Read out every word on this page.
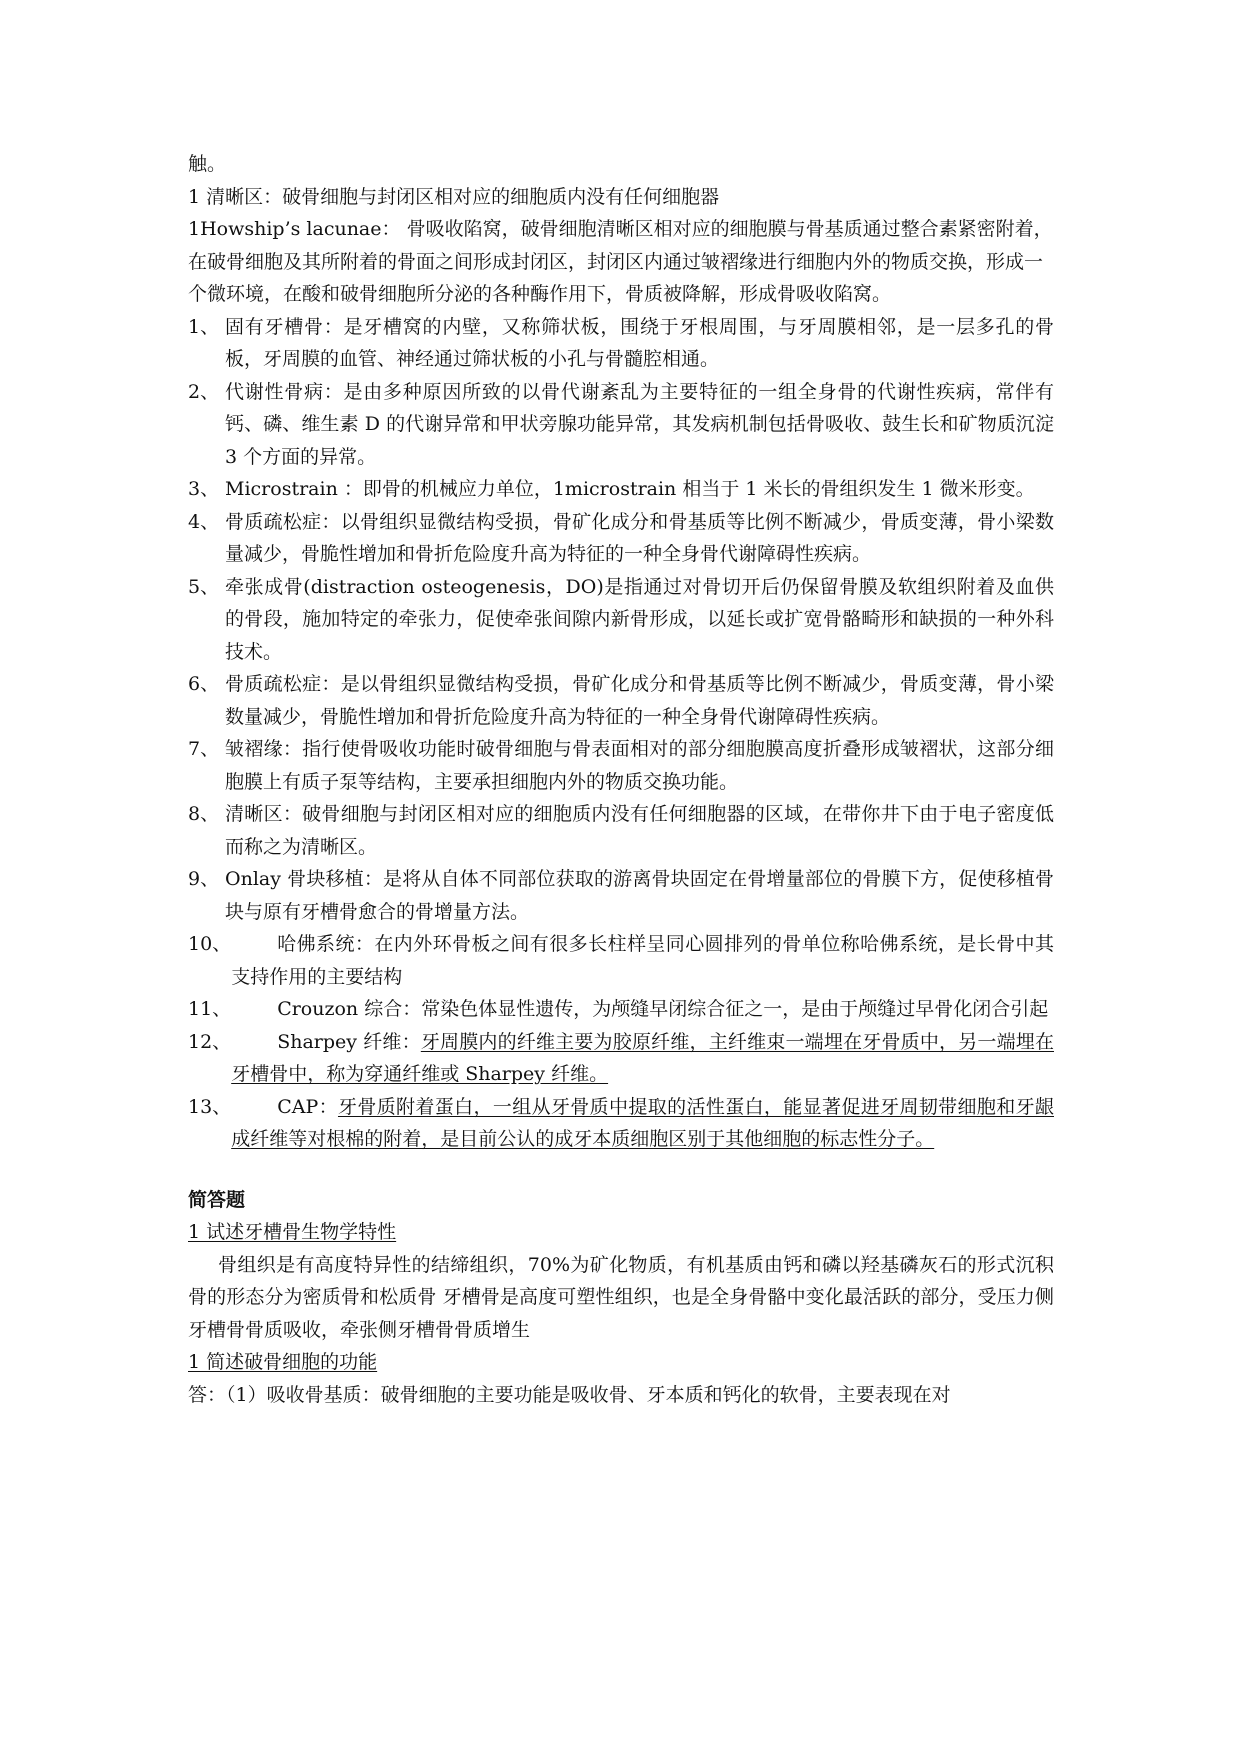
触。
1 清晰区：破骨细胞与封闭区相对应的细胞质内没有任何细胞器
1Howship’s lacunae： 骨吸收陷窝，破骨细胞清晰区相对应的细胞膜与骨基质通过整合素紧密附着，在破骨细胞及其所附着的骨面之间形成封闭区，封闭区内通过皱褶缘进行细胞内外的物质交换，形成一个微环境，在酸和破骨细胞所分泌的各种酶作用下，骨质被降解，形成骨吸收陷窝。
1、 固有牙槽骨：是牙槽窝的内壁，又称筛状板，围绕于牙根周围，与牙周膜相邻，是一层多孔的骨板，牙周膜的血管、神经通过筛状板的小孔与骨髓腔相通。
2、 代谢性骨病：是由多种原因所致的以骨代谢紊乱为主要特征的一组全身骨的代谢性疾病，常伴有钙、磷、维生素 D 的代谢异常和甲状旁腺功能异常，其发病机制包括骨吸收、鼓生长和矿物质沉淀 3 个方面的异常。
3、 Microstrain ：即骨的机械应力单位，1microstrain 相当于 1 米长的骨组织发生 1 微米形变。
4、 骨质疏松症：以骨组织显微结构受损，骨矿化成分和骨基质等比例不断减少，骨质变薄，骨小梁数量减少，骨脆性增加和骨折危险度升高为特征的一种全身骨代谢障碍性疾病。
5、 牵张成骨(distraction osteogenesis，DO)是指通过对骨切开后仍保留骨膜及软组织附着及血供的骨段，施加特定的牵张力，促使牵张间隙内新骨形成，以延长或扩宽骨骼畸形和缺损的一种外科技术。
6、 骨质疏松症：是以骨组织显微结构受损，骨矿化成分和骨基质等比例不断减少，骨质变薄，骨小梁数量减少，骨脆性增加和骨折危险度升高为特征的一种全身骨代谢障碍性疾病。
7、 皱褶缘：指行使骨吸收功能时破骨细胞与骨表面相对的部分细胞膜高度折叠形成皱褶状，这部分细胞膜上有质子泵等结构，主要承担细胞内外的物质交换功能。
8、 清晰区：破骨细胞与封闭区相对应的细胞质内没有任何细胞器的区域，在带你井下由于电子密度低而称之为清晰区。
9、 Onlay 骨块移植：是将从自体不同部位获取的游离骨块固定在骨增量部位的骨膜下方，促使移植骨块与原有牙槽骨愈合的骨增量方法。
10、	哈佛系统：在内外环骨板之间有很多长柱样呈同心圆排列的骨单位称哈佛系统，是长骨中其支持作用的主要结构
11、	Crouzon 综合：常染色体显性遗传，为颅缝早闭综合征之一，是由于颅缝过早骨化闭合引起
12、	Sharpey 纤维：牙周膜内的纤维主要为胶原纤维，主纤维束一端埋在牙骨质中，另一端埋在牙槽骨中，称为穿通纤维或 Sharpey 纤维。
13、	CAP：牙骨质附着蛋白，一组从牙骨质中提取的活性蛋白，能显著促进牙周韧带细胞和牙龈成纤维等对根棉的附着，是目前公认的成牙本质细胞区别于其他细胞的标志性分子。
简答题
1 试述牙槽骨生物学特性
骨组织是有高度特异性的结缔组织，70%为矿化物质，有机基质由钙和磷以羟基磷灰石的形式沉积 骨的形态分为密质骨和松质骨 牙槽骨是高度可塑性组织，也是全身骨骼中变化最活跃的部分，受压力侧牙槽骨骨质吸收，牵张侧牙槽骨骨质增生
1 简述破骨细胞的功能
答：（1）吸收骨基质：破骨细胞的主要功能是吸收骨、牙本质和钙化的软骨，主要表现在对
